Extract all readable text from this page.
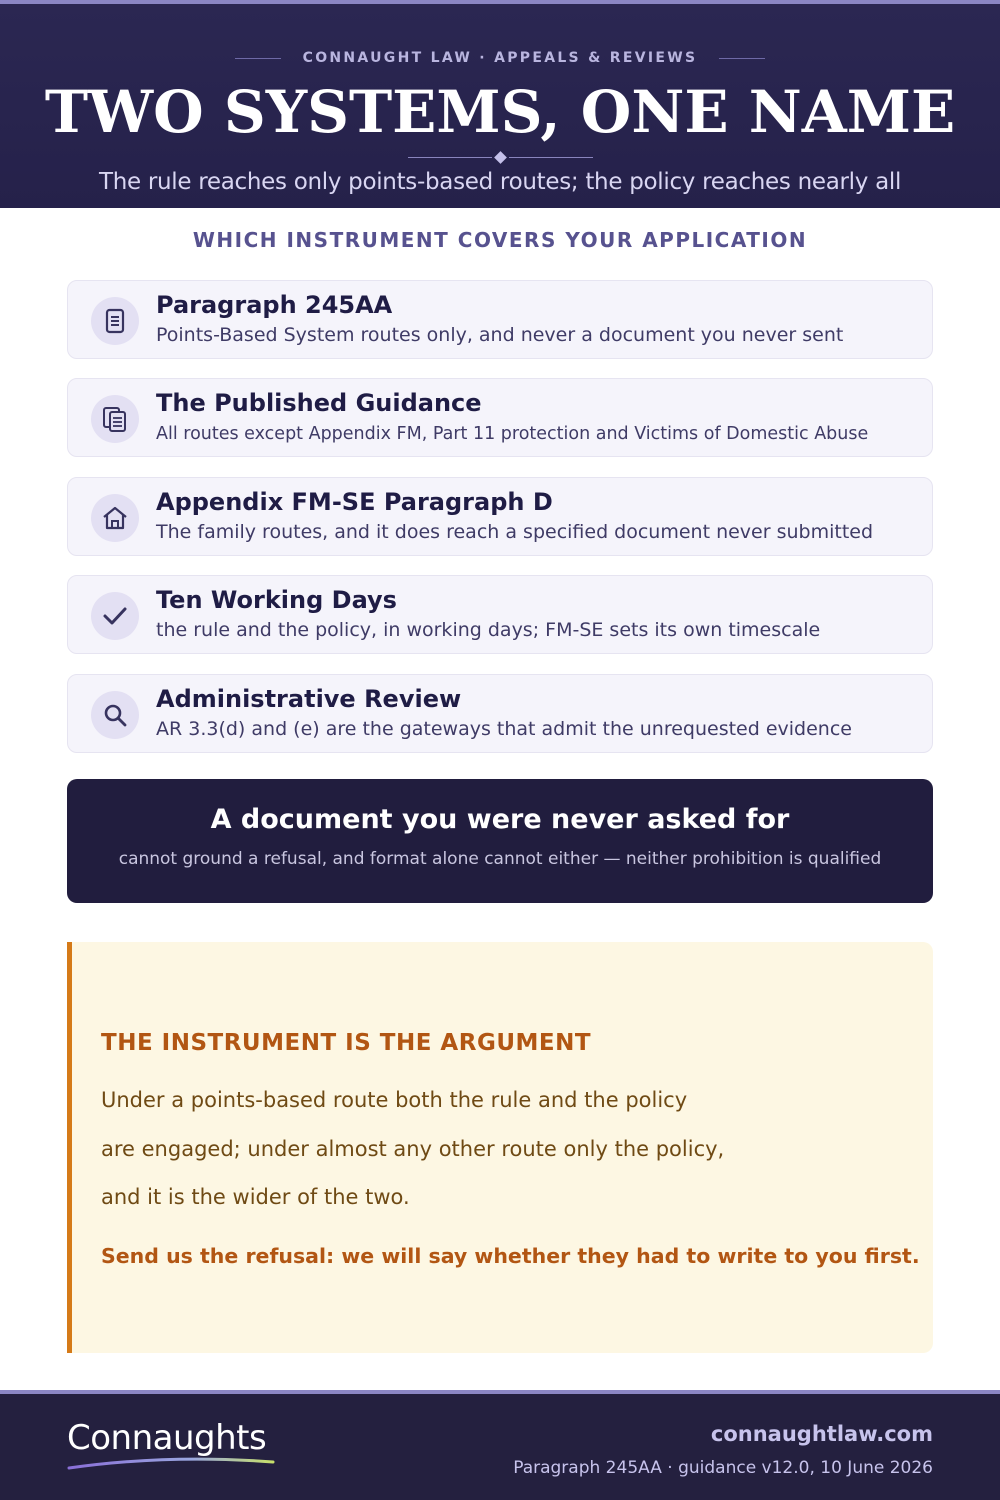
CONNAUGHT LAW · APPEALS & REVIEWS
TWO SYSTEMS, ONE NAME
The rule reaches only points-based routes; the policy reaches nearly all
WHICH INSTRUMENT COVERS YOUR APPLICATION
Paragraph 245AA
Points-Based System routes only, and never a document you never sent
The Published Guidance
All routes except Appendix FM, Part 11 protection and Victims of Domestic Abuse
Appendix FM-SE Paragraph D
The family routes, and it does reach a specified document never submitted
Ten Working Days
the rule and the policy, in working days; FM-SE sets its own timescale
Administrative Review
AR 3.3(d) and (e) are the gateways that admit the unrequested evidence
A document you were never asked for
cannot ground a refusal, and format alone cannot either — neither prohibition is qualified
THE INSTRUMENT IS THE ARGUMENT
Under a points-based route both the rule and the policy
are engaged; under almost any other route only the policy,
and it is the wider of the two.
Send us the refusal: we will say whether they had to write to you first.
Connaughts	connaughtlaw.com
Paragraph 245AA · guidance v12.0, 10 June 2026
